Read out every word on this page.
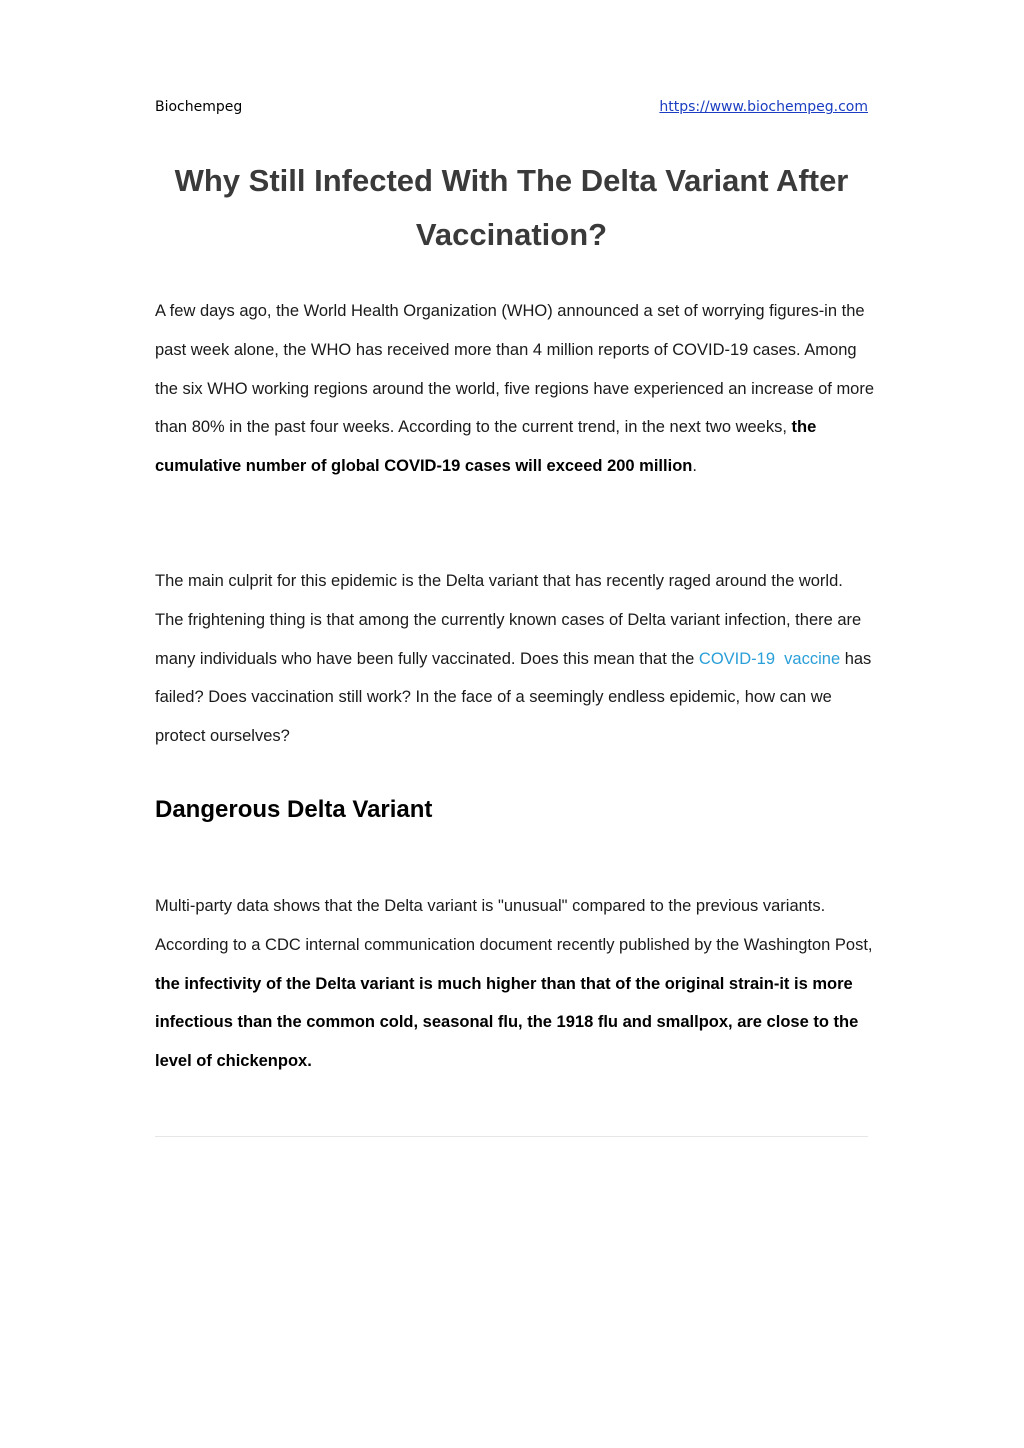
Biochempeg	https://www.biochempeg.com
Why Still Infected With The Delta Variant After Vaccination?

A few days ago, the World Health Organization (WHO) announced a set of worrying figures-in the past week alone, the WHO has received more than 4 million reports of COVID-19 cases. Among the six WHO working regions around the world, five regions have experienced an increase of more than 80% in the past four weeks. According to the current trend, in the next two weeks, the cumulative number of global COVID-19 cases will exceed 200 million.

The main culprit for this epidemic is the Delta variant that has recently raged around the world. The frightening thing is that among the currently known cases of Delta variant infection, there are many individuals who have been fully vaccinated. Does this mean that the COVID-19  vaccine has failed? Does vaccination still work? In the face of a seemingly endless epidemic, how can we protect ourselves?

Dangerous Delta Variant

Multi-party data shows that the Delta variant is "unusual" compared to the previous variants. According to a CDC internal communication document recently published by the Washington Post, the infectivity of the Delta variant is much higher than that of the original strain-it is more infectious than the common cold, seasonal flu, the 1918 flu and smallpox, are close to the level of chickenpox.
